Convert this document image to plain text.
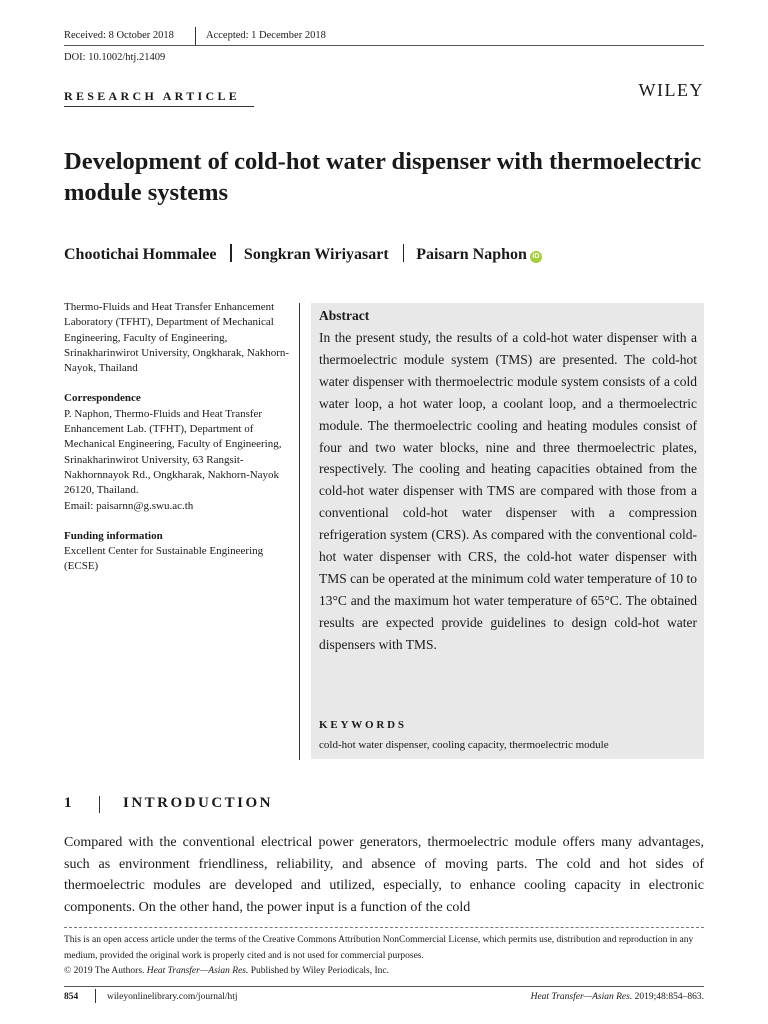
Received: 8 October 2018	Accepted: 1 December 2018
DOI: 10.1002/htj.21409
RESEARCH ARTICLE	WILEY
Development of cold-hot water dispenser with thermoelectric module systems
Chootichai Hommalee Songkran Wiriyasart Paisarn Naphon iD

Thermo-Fluids and Heat Transfer Enhancement Laboratory (TFHT), Department of Mechanical Engineering, Faculty of Engineering, Srinakharinwirot University, Ongkharak, Nakhorn-Nayok, Thailand

Correspondence

P. Naphon, Thermo-Fluids and Heat Transfer Enhancement Lab. (TFHT), Department of Mechanical Engineering, Faculty of Engineering, Srinakharinwirot University, 63 Rangsit-Nakhornnayok Rd., Ongkharak, Nakhorn-Nayok 26120, Thailand.

Email: paisarnn@g.swu.ac.th

Funding information

Excellent Center for Sustainable Engineering (ECSE)

Abstract
In the present study, the results of a cold-hot water dispenser with a thermoelectric module system (TMS) are presented. The cold-hot water dispenser with thermoelectric module system consists of a cold water loop, a hot water loop, a coolant loop, and a thermoelectric module. The thermoelectric cooling and heating modules consist of four and two water blocks, nine and three thermoelectric plates, respectively. The cooling and heating capacities obtained from the cold-hot water dispenser with TMS are compared with those from a conventional cold-hot water dispenser with a compression refrigeration system (CRS). As compared with the conventional cold-hot water dispenser with CRS, the cold-hot water dispenser with TMS can be operated at the minimum cold water temperature of 10 to 13°C and the maximum hot water temperature of 65°C. The obtained results are expected provide guidelines to design cold-hot water dispensers with TMS.
KEYWORDS
cold-hot water dispenser, cooling capacity, thermoelectric module
1	INTRODUCTION
Compared with the conventional electrical power generators, thermoelectric module offers many advantages, such as environment friendliness, reliability, and absence of moving parts. The cold and hot sides of thermoelectric modules are developed and utilized, especially, to enhance cooling capacity in electronic components. On the other hand, the power input is a function of the cold
This is an open access article under the terms of the Creative Commons Attribution NonCommercial License, which permits use, distribution and reproduction in any medium, provided the original work is properly cited and is not used for commercial purposes.
© 2019 The Authors. Heat Transfer—Asian Res. Published by Wiley Periodicals, Inc.
854	wileyonlinelibrary.com/journal/htj	Heat Transfer—Asian Res. 2019;48:854–863.
